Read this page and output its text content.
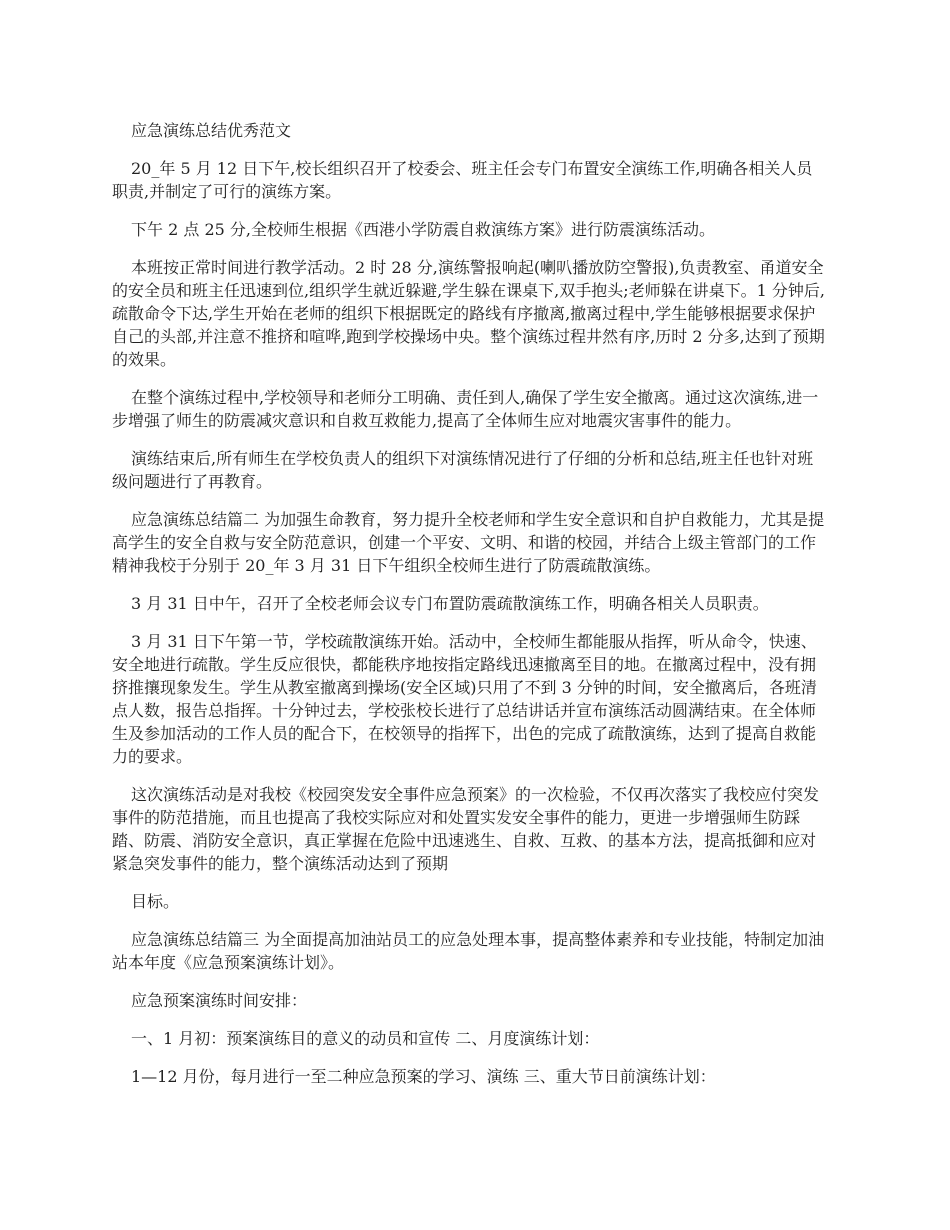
应急演练总结优秀范文

20_年 5 月 12 日下午,校长组织召开了校委会、班主任会专门布置安全演练工作,明确各相关人员职责,并制定了可行的演练方案。

下午 2 点 25 分,全校师生根据《西港小学防震自救演练方案》进行防震演练活动。

本班按正常时间进行教学活动。2 时 28 分,演练警报响起(喇叭播放防空警报),负责教室、甬道安全的安全员和班主任迅速到位,组织学生就近躲避,学生躲在课桌下,双手抱头;老师躲在讲桌下。1 分钟后,疏散命令下达,学生开始在老师的组织下根据既定的路线有序撤离,撤离过程中,学生能够根据要求保护自己的头部,并注意不推挤和喧哗,跑到学校操场中央。整个演练过程井然有序,历时 2 分多,达到了预期的效果。

在整个演练过程中,学校领导和老师分工明确、责任到人,确保了学生安全撤离。通过这次演练,进一步增强了师生的防震减灾意识和自救互救能力,提高了全体师生应对地震灾害事件的能力。

演练结束后,所有师生在学校负责人的组织下对演练情况进行了仔细的分析和总结,班主任也针对班级问题进行了再教育。

应急演练总结篇二 为加强生命教育，努力提升全校老师和学生安全意识和自护自救能力，尤其是提高学生的安全自救与安全防范意识，创建一个平安、文明、和谐的校园，并结合上级主管部门的工作精神我校于分别于 20_年 3 月 31 日下午组织全校师生进行了防震疏散演练。

3 月 31 日中午，召开了全校老师会议专门布置防震疏散演练工作，明确各相关人员职责。

3 月 31 日下午第一节，学校疏散演练开始。活动中，全校师生都能服从指挥，听从命令，快速、安全地进行疏散。学生反应很快，都能秩序地按指定路线迅速撤离至目的地。在撤离过程中，没有拥挤推攘现象发生。学生从教室撤离到操场(安全区域)只用了不到 3 分钟的时间，安全撤离后，各班清点人数，报告总指挥。十分钟过去，学校张校长进行了总结讲话并宣布演练活动圆满结束。在全体师生及参加活动的工作人员的配合下，在校领导的指挥下，出色的完成了疏散演练，达到了提高自救能力的要求。

这次演练活动是对我校《校园突发安全事件应急预案》的一次检验，不仅再次落实了我校应付突发事件的防范措施，而且也提高了我校实际应对和处置实发安全事件的能力，更进一步增强师生防踩踏、防震、消防安全意识，真正掌握在危险中迅速逃生、自救、互救、的基本方法，提高抵御和应对紧急突发事件的能力，整个演练活动达到了预期

目标。

应急演练总结篇三 为全面提高加油站员工的应急处理本事，提高整体素养和专业技能，特制定加油站本年度《应急预案演练计划》。

应急预案演练时间安排：

一、1 月初：预案演练目的意义的动员和宣传 二、月度演练计划：

1—12 月份，每月进行一至二种应急预案的学习、演练 三、重大节日前演练计划：
